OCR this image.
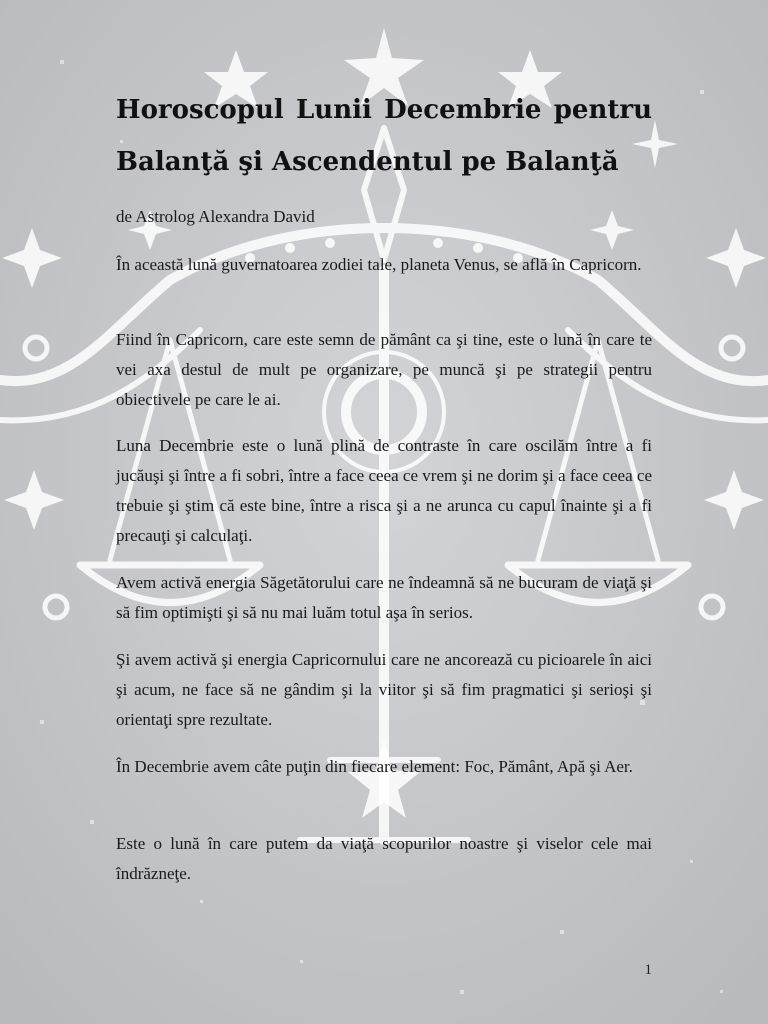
Horoscopul Lunii Decembrie pentru
Balanţă şi Ascendentul pe Balanţă

de Astrolog Alexandra David

În această lună guvernatoarea zodiei tale, planeta Venus, se află în Capricorn.

Fiind în Capricorn, care este semn de pământ ca şi tine, este o lună în care te vei axa destul de mult pe organizare, pe muncă şi pe strategii pentru obiectivele pe care le ai.

Luna Decembrie este o lună plină de contraste în care oscilăm între a fi jucăuşi şi între a fi sobri, între a face ceea ce vrem şi ne dorim şi a face ceea ce trebuie şi ştim că este bine, între a risca şi a ne arunca cu capul înainte şi a fi precauţi şi calculaţi.

Avem activă energia Săgetătorului care ne îndeamnă să ne bucuram de viaţă şi să fim optimişti şi să nu mai luăm totul aşa în serios.

Şi avem activă şi energia Capricornului care ne ancorează cu picioarele în aici şi acum, ne face să ne gândim şi la viitor şi să fim pragmatici şi serioşi şi orientaţi spre rezultate.

În Decembrie avem câte puţin din fiecare element: Foc, Pământ, Apă şi Aer.

Este o lună în care putem da viaţă scopurilor noastre şi viselor cele mai îndrăzneţe.

1
